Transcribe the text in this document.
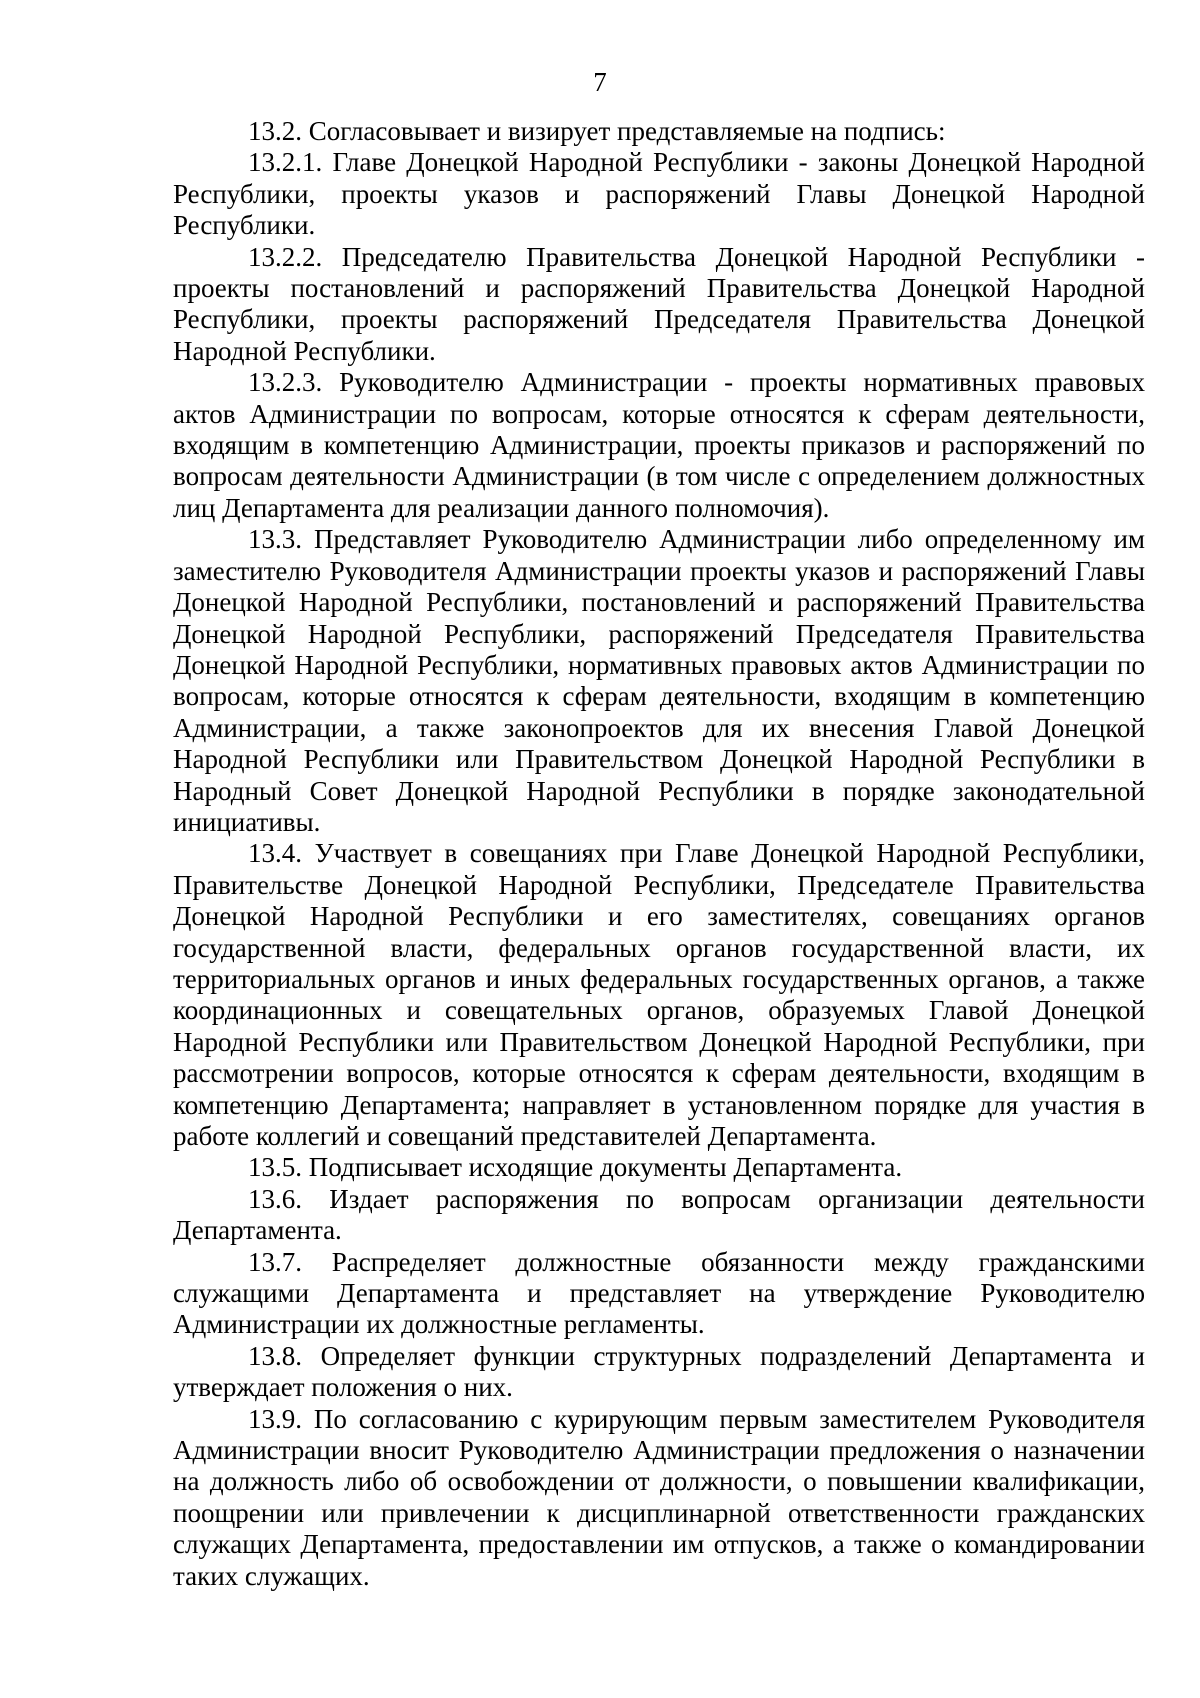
7

13.2. Согласовывает и визирует представляемые на подпись:

13.2.1. Главе Донецкой Народной Республики - законы Донецкой Народной Республики, проекты указов и распоряжений Главы Донецкой Народной Республики.

13.2.2. Председателю Правительства Донецкой Народной Республики - проекты постановлений и распоряжений Правительства Донецкой Народной Республики, проекты распоряжений Председателя Правительства Донецкой Народной Республики.

13.2.3. Руководителю Администрации - проекты нормативных правовых актов Администрации по вопросам, которые относятся к сферам деятельности, входящим в компетенцию Администрации, проекты приказов и распоряжений по вопросам деятельности Администрации (в том числе с определением должностных лиц Департамента для реализации данного полномочия).

13.3. Представляет Руководителю Администрации либо определенному им заместителю Руководителя Администрации проекты указов и распоряжений Главы Донецкой Народной Республики, постановлений и распоряжений Правительства Донецкой Народной Республики, распоряжений Председателя Правительства Донецкой Народной Республики, нормативных правовых актов Администрации по вопросам, которые относятся к сферам деятельности, входящим в компетенцию Администрации, а также законопроектов для их внесения Главой Донецкой Народной Республики или Правительством Донецкой Народной Республики в Народный Совет Донецкой Народной Республики в порядке законодательной инициативы.

13.4. Участвует в совещаниях при Главе Донецкой Народной Республики, Правительстве Донецкой Народной Республики, Председателе Правительства Донецкой Народной Республики и его заместителях, совещаниях органов государственной власти, федеральных органов государственной власти, их территориальных органов и иных федеральных государственных органов, а также координационных и совещательных органов, образуемых Главой Донецкой Народной Республики или Правительством Донецкой Народной Республики, при рассмотрении вопросов, которые относятся к сферам деятельности, входящим в компетенцию Департамента; направляет в установленном порядке для участия в работе коллегий и совещаний представителей Департамента.

13.5. Подписывает исходящие документы Департамента.

13.6. Издает распоряжения по вопросам организации деятельности Департамента.

13.7. Распределяет должностные обязанности между гражданскими служащими Департамента и представляет на утверждение Руководителю Администрации их должностные регламенты.

13.8. Определяет функции структурных подразделений Департамента и утверждает положения о них.

13.9. По согласованию с курирующим первым заместителем Руководителя Администрации вносит Руководителю Администрации предложения о назначении на должность либо об освобождении от должности, о повышении квалификации, поощрении или привлечении к дисциплинарной ответственности гражданских служащих Департамента, предоставлении им отпусков, а также о командировании таких служащих.
